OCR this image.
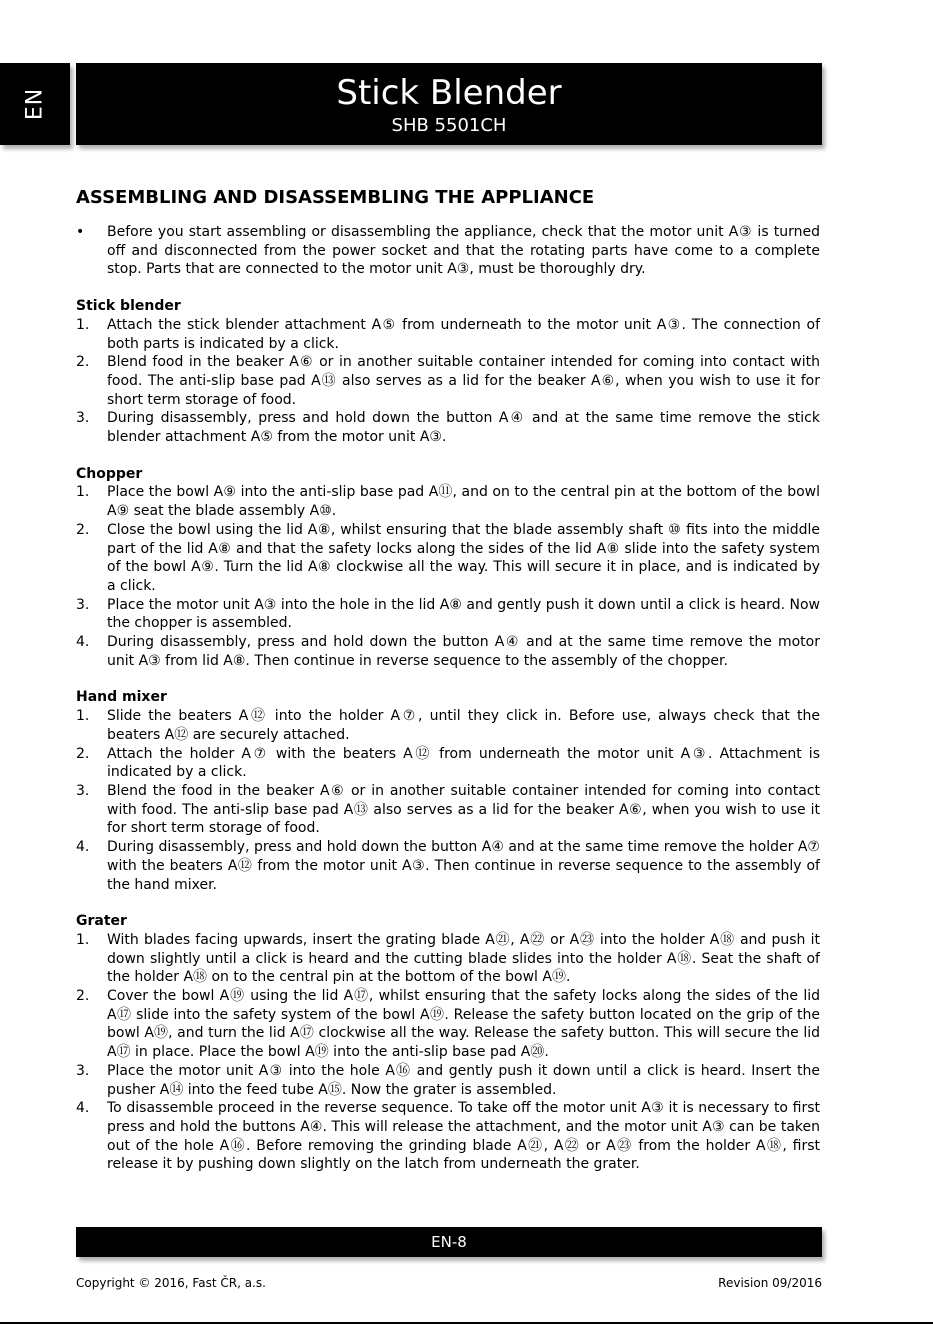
EN	Stick Blender
SHB 5501CH
ASSEMBLING AND DISASSEMBLING THE APPLIANCE
•	Before you start assembling or disassembling the appliance, check that the motor unit A③ is turned off and disconnected from the power socket and that the rotating parts have come to a complete stop. Parts that are connected to the motor unit A③, must be thoroughly dry.
Stick blender
1.	Attach the stick blender attachment A⑤ from underneath to the motor unit A③. The connection of both parts is indicated by a click.
2.	Blend food in the beaker A⑥ or in another suitable container intended for coming into contact with food. The anti-slip base pad A⑬ also serves as a lid for the beaker A⑥, when you wish to use it for short term storage of food.
3.	During disassembly, press and hold down the button A④ and at the same time remove the stick blender attachment A⑤ from the motor unit A③.
Chopper
1.	Place the bowl A⑨ into the anti-slip base pad A⑪, and on to the central pin at the bottom of the bowl A⑨ seat the blade assembly A⑩.
2.	Close the bowl using the lid A⑧, whilst ensuring that the blade assembly shaft ⑩ fits into the middle part of the lid A⑧ and that the safety locks along the sides of the lid A⑧ slide into the safety system of the bowl A⑨. Turn the lid A⑧ clockwise all the way. This will secure it in place, and is indicated by a click.
3.	Place the motor unit A③ into the hole in the lid A⑧ and gently push it down until a click is heard. Now the chopper is assembled.
4.	During disassembly, press and hold down the button A④ and at the same time remove the motor unit A③ from lid A⑧. Then continue in reverse sequence to the assembly of the chopper.
Hand mixer
1.	Slide the beaters A⑫ into the holder A⑦, until they click in. Before use, always check that the beaters A⑫ are securely attached.
2.	Attach the holder A⑦ with the beaters A⑫ from underneath the motor unit A③. Attachment is indicated by a click.
3.	Blend the food in the beaker A⑥ or in another suitable container intended for coming into contact with food. The anti-slip base pad A⑬ also serves as a lid for the beaker A⑥, when you wish to use it for short term storage of food.
4.	During disassembly, press and hold down the button A④ and at the same time remove the holder A⑦ with the beaters A⑫ from the motor unit A③. Then continue in reverse sequence to the assembly of the hand mixer.
Grater
1.	With blades facing upwards, insert the grating blade A㉑, A㉒ or A㉓ into the holder A⑱ and push it down slightly until a click is heard and the cutting blade slides into the holder A⑱. Seat the shaft of the holder A⑱ on to the central pin at the bottom of the bowl A⑲.
2.	Cover the bowl A⑲ using the lid A⑰, whilst ensuring that the safety locks along the sides of the lid A⑰ slide into the safety system of the bowl A⑲. Release the safety button located on the grip of the bowl A⑲, and turn the lid A⑰ clockwise all the way. Release the safety button. This will secure the lid A⑰ in place. Place the bowl A⑲ into the anti-slip base pad A⑳.
3.	Place the motor unit A③ into the hole A⑯ and gently push it down until a click is heard. Insert the pusher A⑭ into the feed tube A⑮. Now the grater is assembled.
4.	To disassemble proceed in the reverse sequence. To take off the motor unit A③ it is necessary to first press and hold the buttons A④. This will release the attachment, and the motor unit A③ can be taken out of the hole A⑯. Before removing the grinding blade A㉑, A㉒ or A㉓ from the holder A⑱, first release it by pushing down slightly on the latch from underneath the grater.
EN-8
Copyright © 2016, Fast ČR, a.s.	Revision 09/2016
